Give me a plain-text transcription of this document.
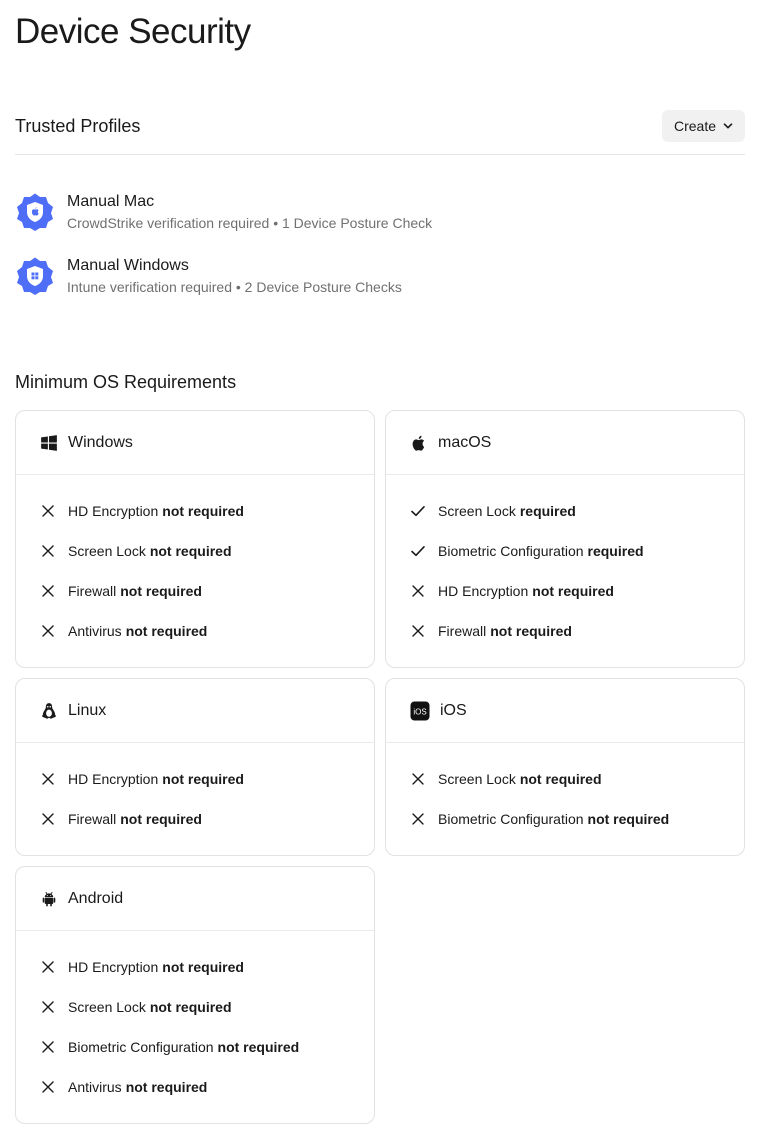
Device Security
Trusted Profiles	Create
Manual Mac
CrowdStrike verification required • 1 Device Posture Check
Manual Windows
Intune verification required • 2 Device Posture Checks
Minimum OS Requirements
Windows
HD Encryption not required
Screen Lock not required
Firewall not required
Antivirus not required
macOS
Screen Lock required
Biometric Configuration required
HD Encryption not required
Firewall not required
Linux
HD Encryption not required
Firewall not required
iOS iOS
Screen Lock not required
Biometric Configuration not required
Android
HD Encryption not required
Screen Lock not required
Biometric Configuration not required
Antivirus not required
